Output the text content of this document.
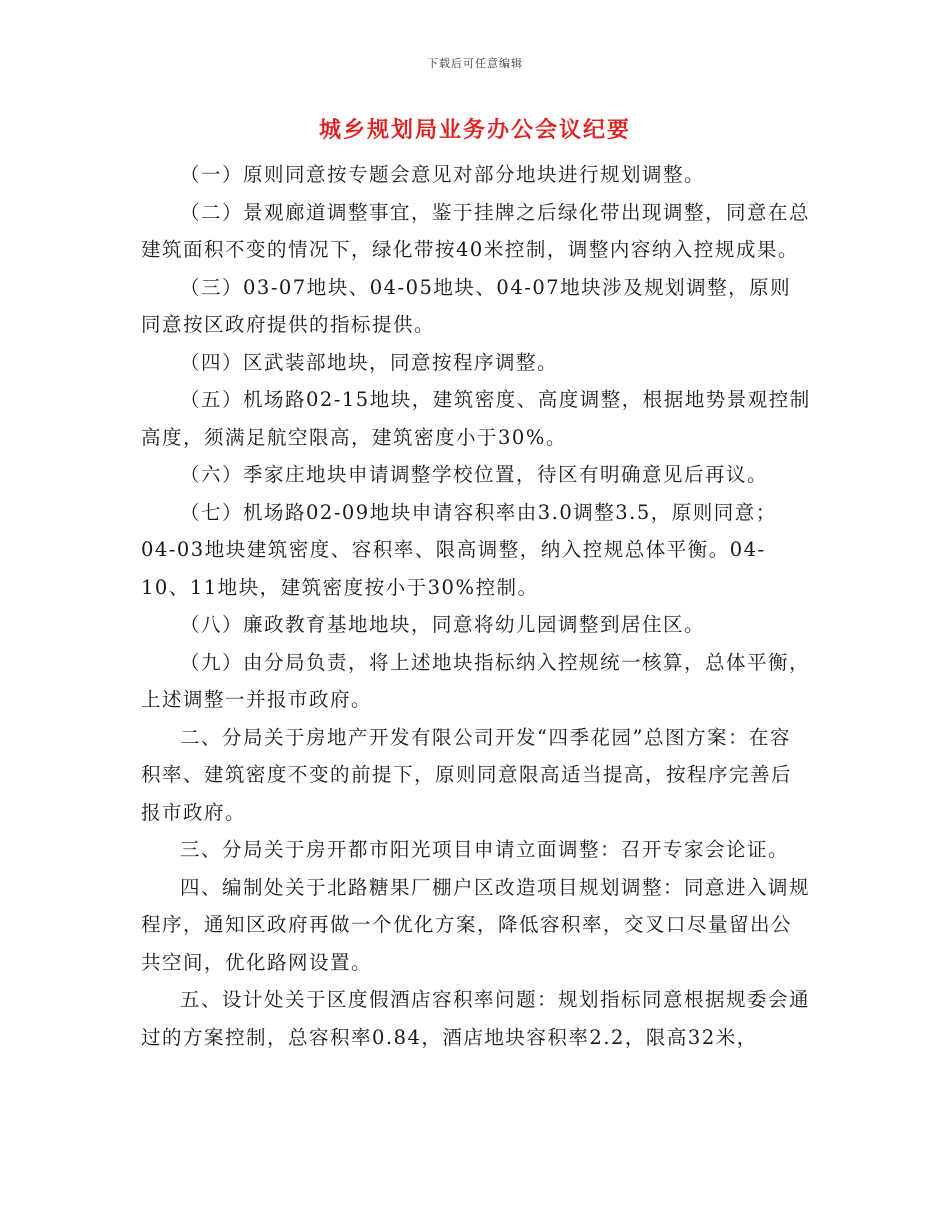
下载后可任意编辑
城乡规划局业务办公会议纪要

（一）原则同意按专题会意见对部分地块进行规划调整。

（二）景观廊道调整事宜，鉴于挂牌之后绿化带出现调整，同意在总建筑面积不变的情况下，绿化带按40米控制，调整内容纳入控规成果。

（三）03-07地块、04-05地块、04-07地块涉及规划调整，原则同意按区政府提供的指标提供。

（四）区武装部地块，同意按程序调整。

（五）机场路02-15地块，建筑密度、高度调整，根据地势景观控制高度，须满足航空限高，建筑密度小于30%。

（六）季家庄地块申请调整学校位置，待区有明确意见后再议。

（七）机场路02-09地块申请容积率由3.0调整3.5，原则同意；04-03地块建筑密度、容积率、限高调整，纳入控规总体平衡。04-10、11地块，建筑密度按小于30%控制。

（八）廉政教育基地地块，同意将幼儿园调整到居住区。

（九）由分局负责，将上述地块指标纳入控规统一核算，总体平衡，上述调整一并报市政府。

二、分局关于房地产开发有限公司开发“四季花园”总图方案：在容积率、建筑密度不变的前提下，原则同意限高适当提高，按程序完善后报市政府。

三、分局关于房开都市阳光项目申请立面调整：召开专家会论证。

四、编制处关于北路糖果厂棚户区改造项目规划调整：同意进入调规程序，通知区政府再做一个优化方案，降低容积率，交叉口尽量留出公共空间，优化路网设置。

五、设计处关于区度假酒店容积率问题：规划指标同意根据规委会通过的方案控制，总容积率0.84，酒店地块容积率2.2，限高32米，
